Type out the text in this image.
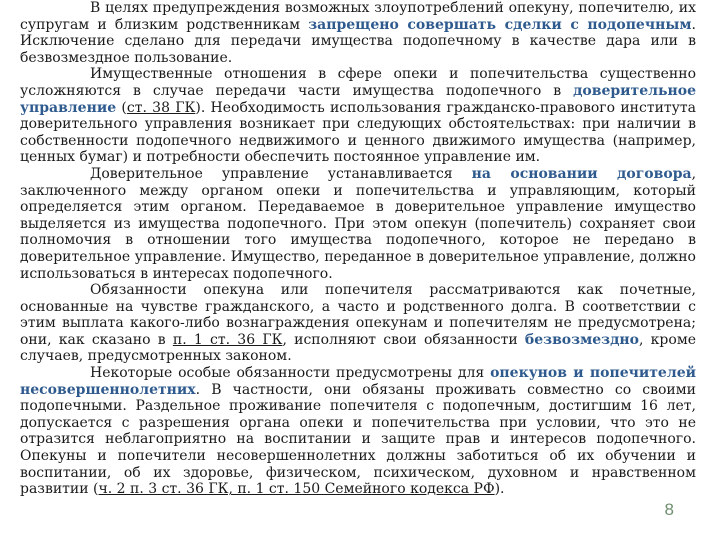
В целях предупреждения возможных злоупотреблений опекуну, попечителю, их супругам и близким родственникам запрещено совершать сделки с подопечным. Исключение сделано для передачи имущества подопечному в качестве дара или в безвозмездное пользование.

Имущественные отношения в сфере опеки и попечительства существенно усложняются в случае передачи части имущества подопечного в доверительное управление (ст. 38 ГК). Необходимость использования гражданско-правового института доверительного управления возникает при следующих обстоятельствах: при наличии в собственности подопечного недвижимого и ценного движимого имущества (например, ценных бумаг) и потребности обеспечить постоянное управление им.

Доверительное управление устанавливается на основании договора, заключенного между органом опеки и попечительства и управляющим, который определяется этим органом. Передаваемое в доверительное управление имущество выделяется из имущества подопечного. При этом опекун (попечитель) сохраняет свои полномочия в отношении того имущества подопечного, которое не передано в доверительное управление. Имущество, переданное в доверительное управление, должно использоваться в интересах подопечного.

Обязанности опекуна или попечителя рассматриваются как почетные, основанные на чувстве гражданского, а часто и родственного долга. В соответствии с этим выплата какого-либо вознаграждения опекунам и попечителям не предусмотрена; они, как сказано в п. 1 ст. 36 ГК, исполняют свои обязанности безвозмездно, кроме случаев, предусмотренных законом.

Некоторые особые обязанности предусмотрены для опекунов и попечителей несовершеннолетних. В частности, они обязаны проживать совместно со своими подопечными. Раздельное проживание попечителя с подопечным, достигшим 16 лет, допускается с разрешения органа опеки и попечительства при условии, что это не отразится неблагоприятно на воспитании и защите прав и интересов подопечного. Опекуны и попечители несовершеннолетних должны заботиться об их обучении и воспитании, об их здоровье, физическом, психическом, духовном и нравственном развитии (ч. 2 п. 3 ст. 36 ГК, п. 1 ст. 150 Семейного кодекса РФ).

8
